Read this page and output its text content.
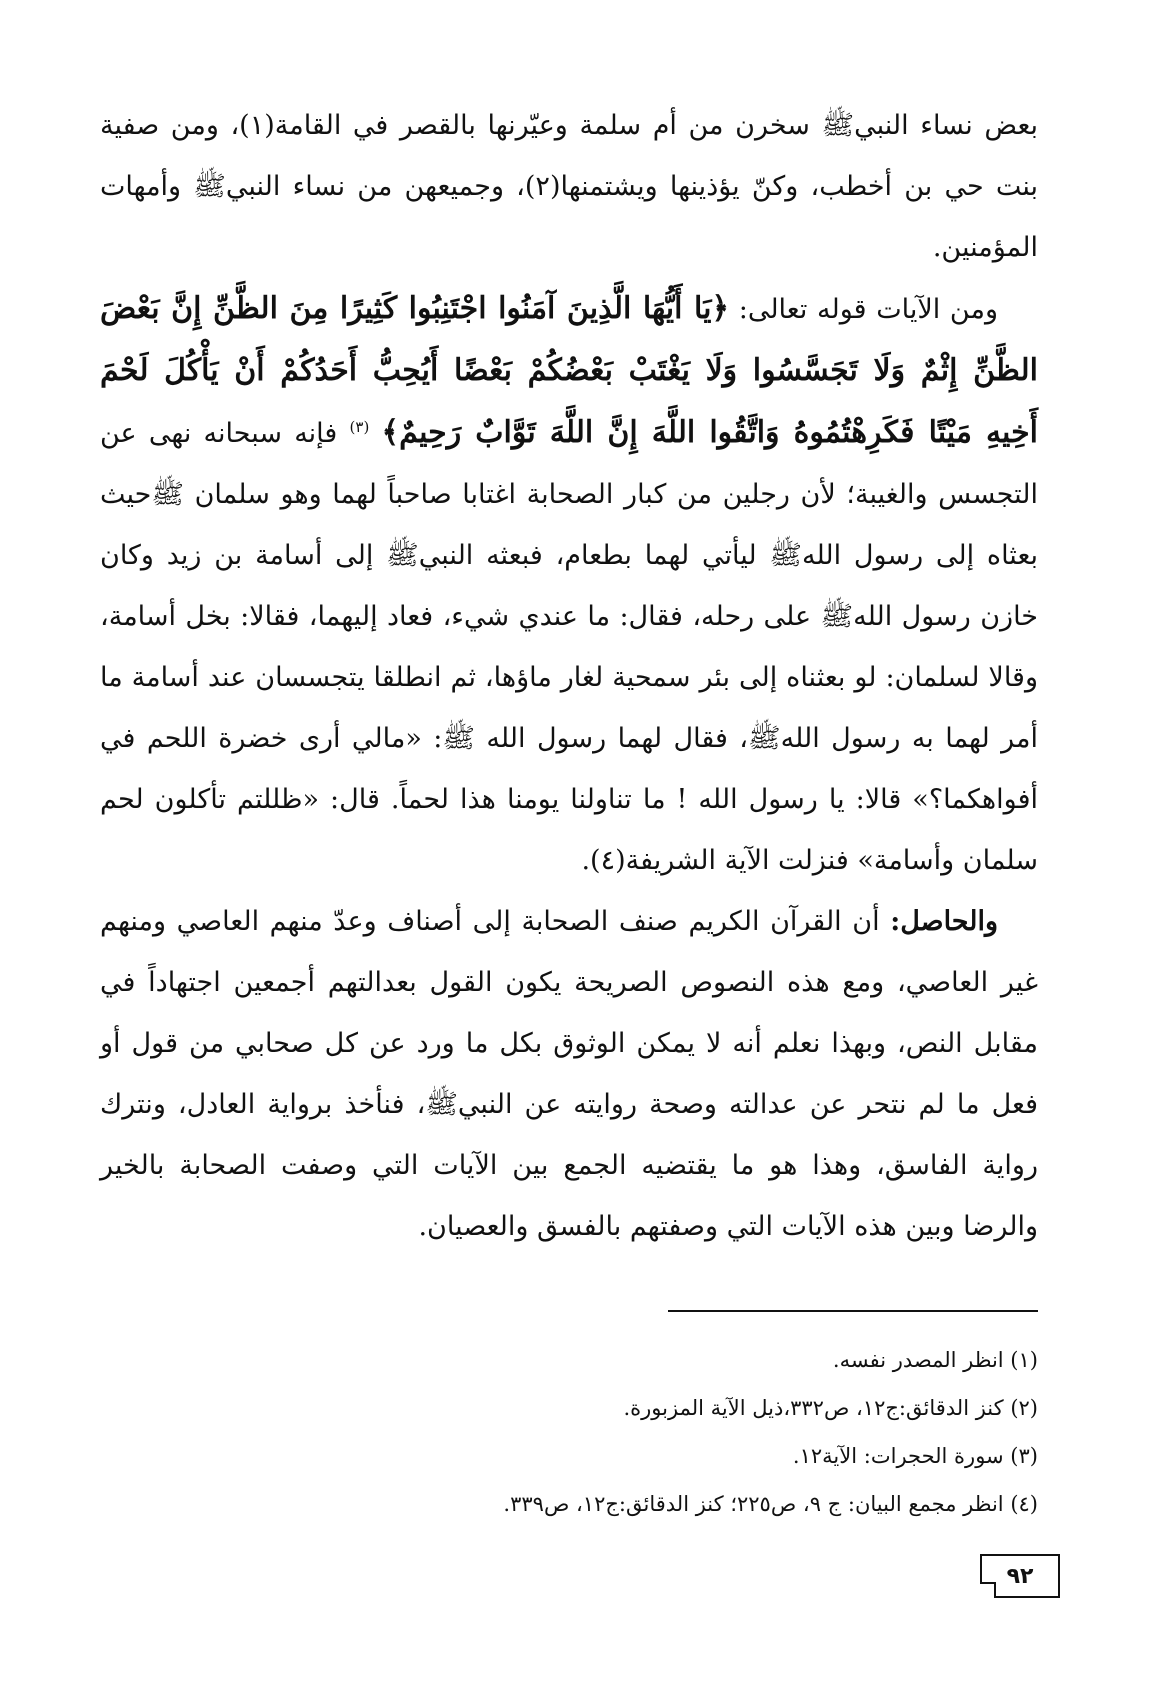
بعض نساء النبيﷺ سخرن من أم سلمة وعيّرنها بالقصر في القامة(١)، ومن صفية بنت حي بن أخطب، وكنّ يؤذينها ويشتمنها(٢)، وجميعهن من نساء النبيﷺ وأمهات المؤمنين.

ومن الآيات قوله تعالى: ﴿يَا أَيُّهَا الَّذِينَ آمَنُوا اجْتَنِبُوا كَثِيرًا مِنَ الظَّنِّ إِنَّ بَعْضَ الظَّنِّ إِثْمٌ وَلَا تَجَسَّسُوا وَلَا يَغْتَبْ بَعْضُكُمْ بَعْضًا أَيُحِبُّ أَحَدُكُمْ أَنْ يَأْكُلَ لَحْمَ أَخِيهِ مَيْتًا فَكَرِهْتُمُوهُ وَاتَّقُوا اللَّهَ إِنَّ اللَّهَ تَوَّابٌ رَحِيمٌ﴾ $^{(٣)}$ فإنه سبحانه نهى عن التجسس والغيبة؛ لأن رجلين من كبار الصحابة اغتابا صاحباً لهما وهو سلمان ﷺحيث بعثاه إلى رسول اللهﷺ ليأتي لهما بطعام، فبعثه النبيﷺ إلى أسامة بن زيد وكان خازن رسول اللهﷺ على رحله، فقال: ما عندي شيء، فعاد إليهما، فقالا: بخل أسامة، وقالا لسلمان: لو بعثناه إلى بئر سمحية لغار ماؤها، ثم انطلقا يتجسسان عند أسامة ما أمر لهما به رسول اللهﷺ، فقال لهما رسول الله ﷺ: «مالي أرى خضرة اللحم في أفواهكما؟» قالا: يا رسول الله ! ما تناولنا يومنا هذا لحماً. قال: «ظللتم تأكلون لحم سلمان وأسامة» فنزلت الآية الشريفة(٤).

والحاصل: أن القرآن الكريم صنف الصحابة إلى أصناف وعدّ منهم العاصي ومنهم غير العاصي، ومع هذه النصوص الصريحة يكون القول بعدالتهم أجمعين اجتهاداً في مقابل النص، وبهذا نعلم أنه لا يمكن الوثوق بكل ما ورد عن كل صحابي من قول أو فعل ما لم نتحر عن عدالته وصحة روايته عن النبيﷺ، فنأخذ برواية العادل، ونترك رواية الفاسق، وهذا هو ما يقتضيه الجمع بين الآيات التي وصفت الصحابة بالخير والرضا وبين هذه الآيات التي وصفتهم بالفسق والعصيان.

(١) انظر المصدر نفسه.
(٢) كنز الدقائق:ج١٢، ص٣٣٢،ذيل الآية المزبورة.
(٣) سورة الحجرات: الآية١٢.
(٤) انظر مجمع البيان: ج ٩، ص٢٢٥؛ كنز الدقائق:ج١٢، ص٣٣٩.
٩٢
